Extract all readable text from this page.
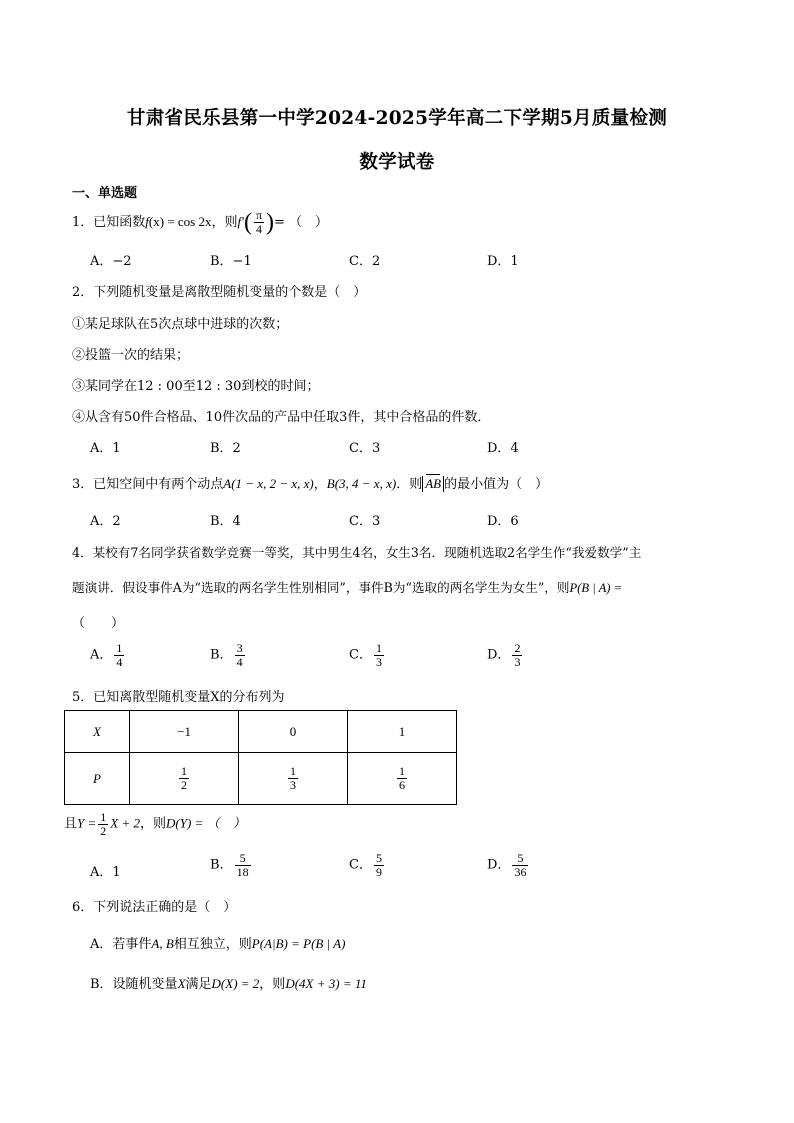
甘肃省民乐县第一中学2024-2025学年高二下学期5月质量检测
数学试卷
一、单选题
1．已知函数f(x) = cos 2x，则$f'( \frac{\pi}{4}$ )= （　）
A．−2	B．−1	C．2	D．1
2．下列随机变量是离散型随机变量的个数是（　）
①某足球队在5次点球中进球的次数；
②投篮一次的结果；
③某同学在12 : 00至12 : 30到校的时间；
④从含有50件合格品、10件次品的产品中任取3件，其中合格品的件数．
A．1	B．2	C．3	D．4
3．已知空间中有两个动点A(1 − x, 2 − x, x)，B(3, 4 − x, x)．则 AB 的最小值为（　）
A．2	B．4	C．3	D．6
4．某校有7名同学获省数学竞赛一等奖，其中男生4名，女生3名．现随机选取2名学生作“我爱数学”主
题演讲．假设事件A为“选取的两名学生性别相同”，事件B为“选取的两名学生为女生”，则P(B | A) =
（　　）
A． $\frac{1}{4}$	B． $\frac{3}{4}$	C． $\frac{1}{3}$	D． $\frac{2}{3}$
5．已知离散型随机变量X的分布列为
X	−1	0	1
P	$\frac{1}{2}$	$\frac{1}{3}$	$\frac{1}{6}$
且$Y = \frac{1}{2}$ X + 2，则D(Y) = （　）
A．1	B． $\frac{5}{18}$	C． $\frac{5}{9}$	D． $\frac{5}{36}$
6．下列说法正确的是（　）
A．若事件A, B相互独立，则P(A|B) = P(B | A)
B．设随机变量X满足D(X) = 2，则D(4X + 3) = 11
